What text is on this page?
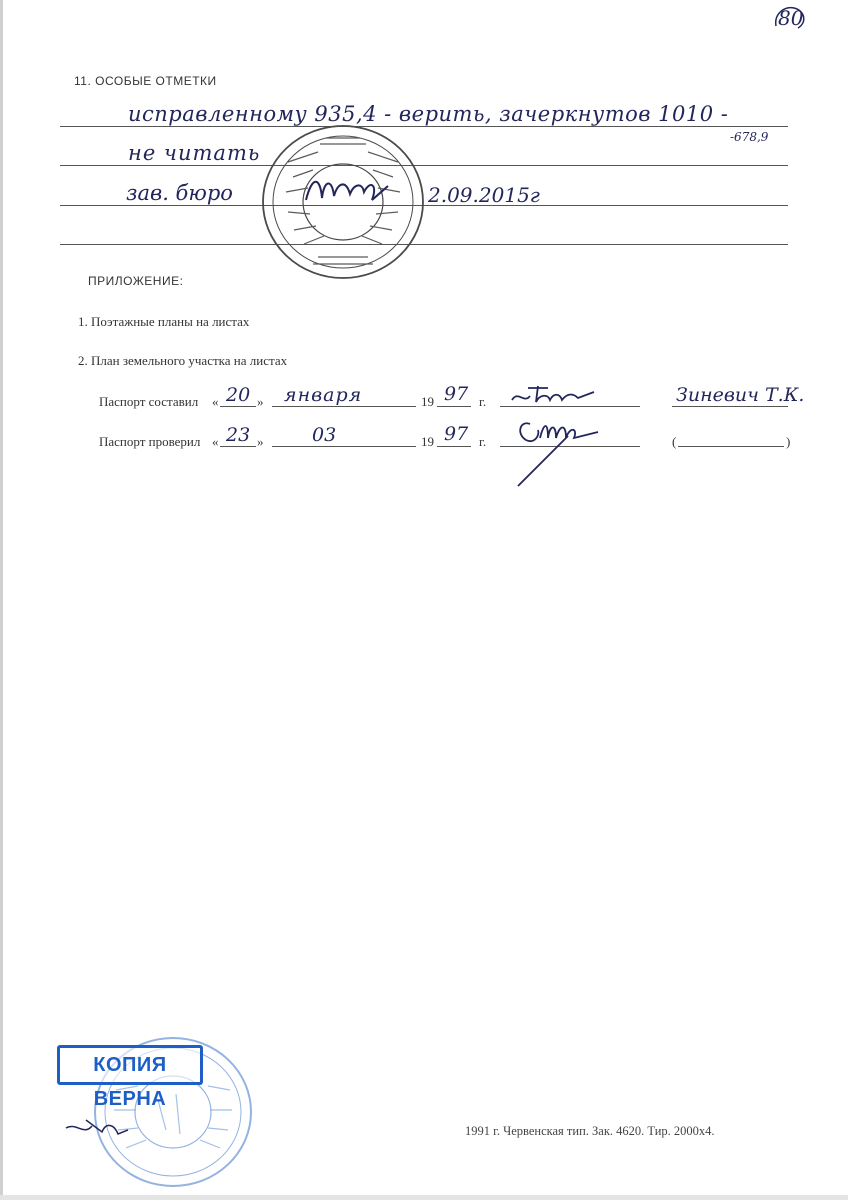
80
11. ОСОБЫЕ ОТМЕТКИ
исправленному 935,4 - верить, зачеркнутов 1010 -
-678,9
не читать
зав. бюро	2.09.2015г
ПРИЛОЖЕНИЕ:
1. Поэтажные планы на листах
2. План земельного участка на листах
Паспорт составил « 20 » января	19 97 г.	Зиневич Т.К.
Паспорт проверил « 23 »	03	19 97 г.	(	)
КОПИЯ ВЕРНА
1991 г. Червенская тип. Зак. 4620. Тир. 2000х4.
